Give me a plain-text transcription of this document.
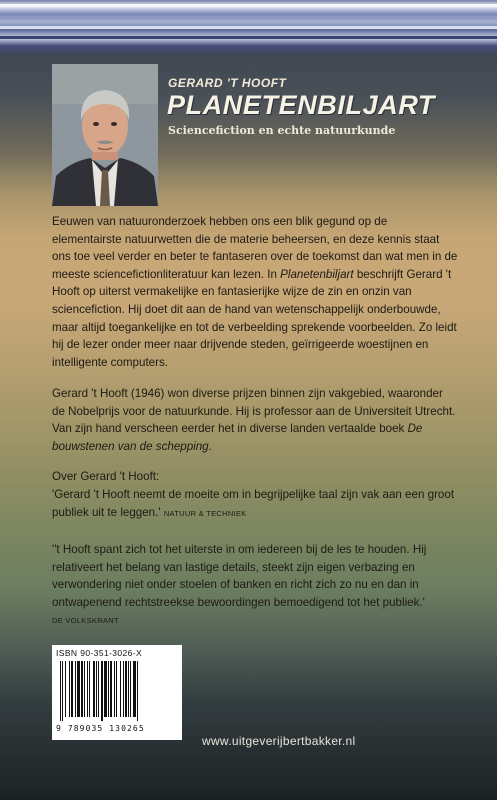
GERARD 'T HOOFT
PLANETENBILJART
Sciencefiction en echte natuurkunde

Eeuwen van natuuronderzoek hebben ons een blik gegund op de elementairste natuurwetten die de materie beheersen, en deze kennis staat ons toe veel verder en beter te fantaseren over de toekomst dan wat men in de meeste sciencefictionliteratuur kan lezen. In Planetenbiljart beschrijft Gerard 't Hooft op uiterst vermakelijke en fantasierijke wijze de zin en onzin van sciencefiction. Hij doet dit aan de hand van wetenschappelijk onderbouwde, maar altijd toegankelijke en tot de verbeelding sprekende voorbeelden. Zo leidt hij de lezer onder meer naar drijvende steden, geïrrigeerde woestijnen en intelligente computers.

Gerard 't Hooft (1946) won diverse prijzen binnen zijn vakgebied, waaronder de Nobelprijs voor de natuurkunde. Hij is professor aan de Universiteit Utrecht. Van zijn hand verscheen eerder het in diverse landen vertaalde boek De bouwstenen van de schepping.

Over Gerard 't Hooft:

'Gerard 't Hooft neemt de moeite om in begrijpelijke taal zijn vak aan een groot publiek uit te leggen.' NATUUR & TECHNIEK

''t Hooft spant zich tot het uiterste in om iedereen bij de les te houden. Hij relativeert het belang van lastige details, steekt zijn eigen verbazing en verwondering niet onder stoelen of banken en richt zich zo nu en dan in ontwapenend rechtstreekse bewoordingen bemoedigend tot het publiek.'
DE VOLKSKRANT

ISBN 90-351-3026-X
9 789035 130265
www.uitgeverijbertbakker.nl
